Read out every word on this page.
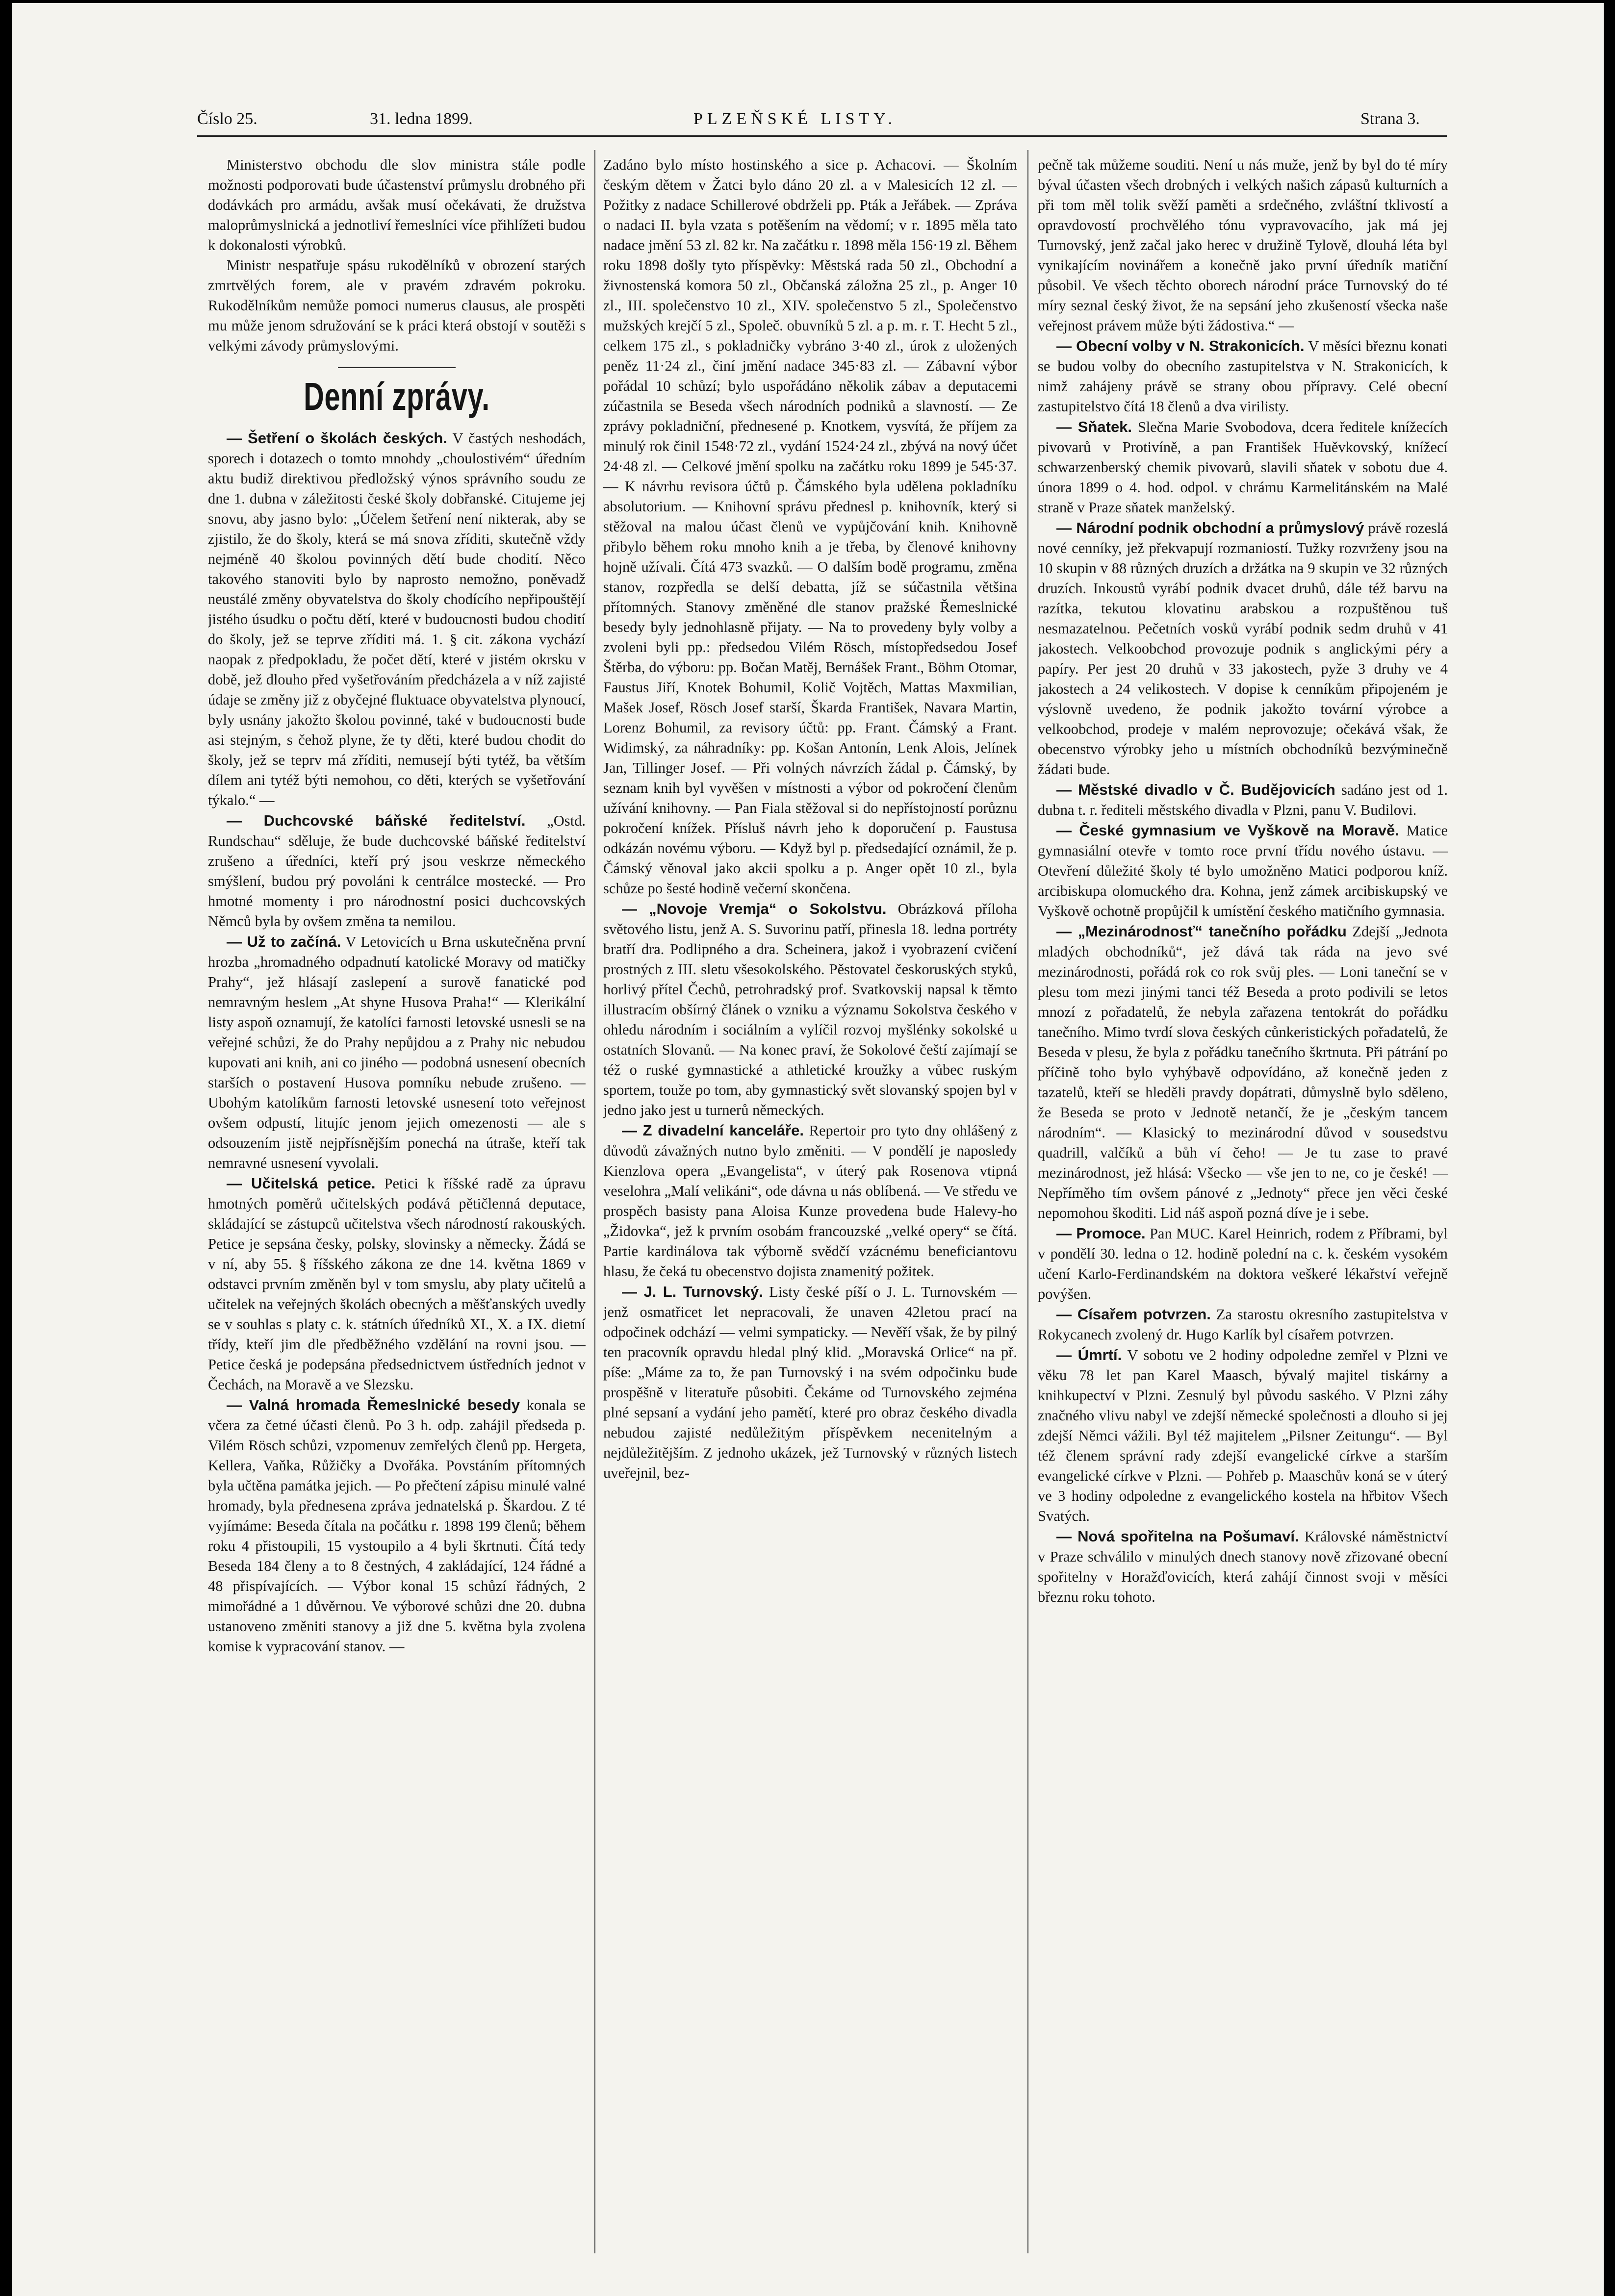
Číslo 25.	31. ledna 1899.	PLZEŇSKÉ LISTY.	Strana 3.

Ministerstvo obchodu dle slov ministra stále podle možnosti podporovati bude účastenství průmyslu drobného při dodávkách pro armádu, avšak musí očekávati, že družstva maloprůmyslnická a jednotliví řemeslníci více přihlížeti budou k dokonalosti výrobků.

Ministr nespatřuje spásu rukodělníků v obrození starých zmrtvělých forem, ale v pravém zdravém pokroku. Rukodělníkům nemůže pomoci numerus clausus, ale prospěti mu může jenom sdružování se k práci která obstojí v soutěži s velkými závody průmyslovými.

Denní zprávy.

— Šetření o školách českých. V častých neshodách, sporech i dotazech o tomto mnohdy „choulostivém“ úředním aktu budiž direktivou předložský výnos správního soudu ze dne 1. dubna v záležitosti české školy dobřanské. Citujeme jej snovu, aby jasno bylo: „Účelem šetření není nikterak, aby se zjistilo, že do školy, která se má snova zříditi, skutečně vždy nejméně 40 školou povinných dětí bude chodití. Něco takového stanoviti bylo by naprosto nemožno, poněvadž neustálé změny obyvatelstva do školy chodícího nepřipouštějí jistého úsudku o počtu dětí, které v budoucnosti budou chodití do školy, jež se teprve zříditi má. 1. § cit. zákona vychází naopak z předpokladu, že počet dětí, které v jistém okrsku v době, jež dlouho před vyšetřováním předcházela a v níž zajisté údaje se změny již z obyčejné fluktuace obyvatelstva plynoucí, byly usnány jakožto školou povinné, také v budoucnosti bude asi stejným, s čehož plyne, že ty děti, které budou chodit do školy, jež se teprv má zříditi, nemusejí býti tytéž, ba větším dílem ani tytéž býti nemohou, co děti, kterých se vyšetřování týkalo.“ —

— Duchcovské báňské ředitelství. „Ostd. Rundschau“ sděluje, že bude duchcovské báňské ředitelství zrušeno a úředníci, kteří prý jsou veskrze německého smýšlení, budou prý povoláni k centrálce mostecké. — Pro hmotné momenty i pro národnostní posici duchcovských Němců byla by ovšem změna ta nemilou.

— Už to začíná. V Letovicích u Brna uskutečněna první hrozba „hromadného odpadnutí katolické Moravy od matičky Prahy“, jež hlásají zaslepení a surově fanatické pod nemravným heslem „At shyne Husova Praha!“ — Klerikální listy aspoň oznamují, že katolíci farnosti letovské usnesli se na veřejné schůzi, že do Prahy nepůjdou a z Prahy nic nebudou kupovati ani knih, ani co jiného — podobná usnesení obecních starších o postavení Husova pomníku nebude zrušeno. — Ubohým katolíkům farnosti letovské usnesení toto veřejnost ovšem odpustí, litujíc jenom jejich omezenosti — ale s odsouzením jistě nejpřísnějším ponechá na útraše, kteří tak nemravné usnesení vyvolali.

— Učitelská petice. Petici k říšské radě za úpravu hmotných poměrů učitelských podává pětičlenná deputace, skládající se zástupců učitelstva všech národností rakouských. Petice je sepsána česky, polsky, slovinsky a německy. Žádá se v ní, aby 55. § říšského zákona ze dne 14. května 1869 v odstavci prvním změněn byl v tom smyslu, aby platy učitelů a učitelek na veřejných školách obecných a měšťanských uvedly se v souhlas s platy c. k. státních úředníků XI., X. a IX. dietní třídy, kteří jim dle předběžného vzdělání na rovni jsou. — Petice česká je podepsána předsednictvem ústředních jednot v Čechách, na Moravě a ve Slezsku.

— Valná hromada Řemeslnické besedy konala se včera za četné účasti členů. Po 3 h. odp. zahájil předseda p. Vilém Rösch schůzi, vzpomenuv zemřelých členů pp. Hergeta, Kellera, Vaňka, Růžičky a Dvořáka. Povstáním přítomných byla učtěna památka jejich. — Po přečtení zápisu minulé valné hromady, byla přednesena zpráva jednatelská p. Škardou. Z té vyjímáme: Beseda čítala na počátku r. 1898 199 členů; během roku 4 přistoupili, 15 vystoupilo a 4 byli škrtnuti. Čítá tedy Beseda 184 členy a to 8 čestných, 4 zakládající, 124 řádné a 48 přispívajících. — Výbor konal 15 schůzí řádných, 2 mimořádné a 1 důvěrnou. Ve výborové schůzi dne 20. dubna ustanoveno změniti stanovy a již dne 5. května byla zvolena komise k vypracování stanov. —

Zadáno bylo místo hostinského a sice p. Achacovi. — Školním českým dětem v Žatci bylo dáno 20 zl. a v Malesicích 12 zl. — Požitky z nadace Schillerové obdrželi pp. Pták a Jeřábek. — Zpráva o nadaci II. byla vzata s potěšením na vědomí; v r. 1895 měla tato nadace jmění 53 zl. 82 kr. Na začátku r. 1898 měla 156·19 zl. Během roku 1898 došly tyto příspěvky: Městská rada 50 zl., Obchodní a živnostenská komora 50 zl., Občanská záložna 25 zl., p. Anger 10 zl., III. společenstvo 10 zl., XIV. společenstvo 5 zl., Společenstvo mužských krejčí 5 zl., Společ. obuvníků 5 zl. a p. m. r. T. Hecht 5 zl., celkem 175 zl., s pokladničky vybráno 3·40 zl., úrok z uložených peněz 11·24 zl., činí jmění nadace 345·83 zl. — Zábavní výbor pořádal 10 schůzí; bylo uspořádáno několik zábav a deputacemi zúčastnila se Beseda všech národních podniků a slavností. — Ze zprávy pokladniční, přednesené p. Knotkem, vysvítá, že příjem za minulý rok činil 1548·72 zl., vydání 1524·24 zl., zbývá na nový účet 24·48 zl. — Celkové jmění spolku na začátku roku 1899 je 545·37. — K návrhu revisora účtů p. Čámského byla udělena pokladníku absolutorium. — Knihovní správu přednesl p. knihovník, který si stěžoval na malou účast členů ve vypůjčování knih. Knihovně přibylo během roku mnoho knih a je třeba, by členové knihovny hojně užívali. Čítá 473 svazků. — O dalším bodě programu, změna stanov, rozpředla se delší debatta, jíž se súčastnila většina přítomných. Stanovy změněné dle stanov pražské Řemeslnické besedy byly jednohlasně přijaty. — Na to provedeny byly volby a zvoleni byli pp.: předsedou Vilém Rösch, místopředsedou Josef Štěrba, do výboru: pp. Bočan Matěj, Bernášek Frant., Böhm Otomar, Faustus Jiří, Knotek Bohumil, Količ Vojtěch, Mattas Maxmilian, Mašek Josef, Rösch Josef starší, Škarda František, Navara Martin, Lorenz Bohumil, za revisory účtů: pp. Frant. Čámský a Frant. Widimský, za náhradníky: pp. Košan Antonín, Lenk Alois, Jelínek Jan, Tillinger Josef. — Při volných návrzích žádal p. Čámský, by seznam knih byl vyvěšen v místnosti a výbor od pokročení členům užívání knihovny. — Pan Fiala stěžoval si do nepřístojností porůznu pokročení knížek. Přísluš návrh jeho k doporučení p. Faustusa odkázán novému výboru. — Když byl p. předsedající oznámil, že p. Čámský věnoval jako akcii spolku a p. Anger opět 10 zl., byla schůze po šesté hodině večerní skončena.

— „Novoje Vremja“ o Sokolstvu. Obrázková příloha světového listu, jenž A. S. Suvorinu patří, přinesla 18. ledna portréty bratří dra. Podlipného a dra. Scheinera, jakož i vyobrazení cvičení prostných z III. sletu všesokolského. Pěstovatel českoruských styků, horlivý přítel Čechů, petrohradský prof. Svatkovskij napsal k těmto illustracím obšírný článek o vzniku a významu Sokolstva českého v ohledu národním i sociálním a vylíčil rozvoj myšlénky sokolské u ostatních Slovanů. — Na konec praví, že Sokolové čeští zajímají se též o ruské gymnastické a athletické kroužky a vůbec ruským sportem, touže po tom, aby gymnastický svět slovanský spojen byl v jedno jako jest u turnerů německých.

— Z divadelní kanceláře. Repertoir pro tyto dny ohlášený z důvodů závažných nutno bylo změniti. — V pondělí je naposledy Kienzlova opera „Evangelista“, v úterý pak Rosenova vtipná veselohra „Malí velikáni“, ode dávna u nás oblíbená. — Ve středu ve prospěch basisty pana Aloisa Kunze provedena bude Halevy-ho „Židovka“, jež k prvním osobám francouzské „velké opery“ se čítá. Partie kardinálova tak výborně svědčí vzácnému beneficiantovu hlasu, že čeká tu obecenstvo dojista znamenitý požitek.

— J. L. Turnovský. Listy české píší o J. L. Turnovském — jenž osmatřicet let nepracovali, že unaven 42letou prací na odpočinek odchází — velmi sympaticky. — Nevěří však, že by pilný ten pracovník opravdu hledal plný klid. „Moravská Orlice“ na př. píše: „Máme za to, že pan Turnovský i na svém odpočinku bude prospěšně v literatuře působiti. Čekáme od Turnovského zejména plné sepsaní a vydání jeho pamětí, které pro obraz českého divadla nebudou zajisté nedůležitým příspěvkem necenitelným a nejdůležitějším. Z jednoho ukázek, jež Turnovský v různých listech uveřejnil, bez-

pečně tak můžeme souditi. Není u nás muže, jenž by byl do té míry býval účasten všech drobných i velkých našich zápasů kulturních a při tom měl tolik svěží paměti a srdečného, zvláštní tklivostí a opravdovostí prochvělého tónu vypravovacího, jak má jej Turnovský, jenž začal jako herec v družině Tylově, dlouhá léta byl vynikajícím novinářem a konečně jako první úředník matiční působil. Ve všech těchto oborech národní práce Turnovský do té míry seznal český život, že na sepsání jeho zkušeností všecka naše veřejnost právem může býti žádostiva.“ —

— Obecní volby v N. Strakonicích. V měsíci březnu konati se budou volby do obecního zastupitelstva v N. Strakonicích, k nimž zahájeny právě se strany obou přípravy. Celé obecní zastupitelstvo čítá 18 členů a dva virilisty.

— Sňatek. Slečna Marie Svobodova, dcera ředitele knížecích pivovarů v Protivíně, a pan František Huěvkovský, knížecí schwarzenberský chemik pivovarů, slavili sňatek v sobotu due 4. února 1899 o 4. hod. odpol. v chrámu Karmelitánském na Malé straně v Praze sňatek manželský.

— Národní podnik obchodní a průmyslový právě rozeslá nové cenníky, jež překvapují rozmaniostí. Tužky rozvrženy jsou na 10 skupin v 88 různých druzích a držátka na 9 skupin ve 32 různých druzích. Inkoustů vyrábí podnik dvacet druhů, dále též barvu na razítka, tekutou klovatinu arabskou a rozpuštěnou tuš nesmazatelnou. Pečetních vosků vyrábí podnik sedm druhů v 41 jakostech. Velkoobchod provozuje podnik s anglickými péry a papíry. Per jest 20 druhů v 33 jakostech, pyže 3 druhy ve 4 jakostech a 24 velikostech. V dopise k cenníkům připojeném je výslovně uvedeno, že podnik jakožto tovární výrobce a velkoobchod, prodeje v malém neprovozuje; očekává však, že obecenstvo výrobky jeho u místních obchodníků bezvýminečně žádati bude.

— Městské divadlo v Č. Budějovicích sadáno jest od 1. dubna t. r. řediteli městského divadla v Plzni, panu V. Budilovi.

— České gymnasium ve Vyškově na Moravě. Matice gymnasiální otevře v tomto roce první třídu nového ústavu. — Otevření důležité školy té bylo umožněno Matici podporou kníž. arcibiskupa olomuckého dra. Kohna, jenž zámek arcibiskupský ve Vyškově ochotně propůjčil k umístění českého matičního gymnasia.

— „Mezinárodnosť“ tanečního pořádku Zdejší „Jednota mladých obchodníků“, jež dává tak ráda na jevo své mezinárodnosti, pořádá rok co rok svůj ples. — Loni taneční se v plesu tom mezi jinými tanci též Beseda a proto podivili se letos mnozí z pořadatelů, že nebyla zařazena tentokrát do pořádku tanečního. Mimo tvrdí slova českých cůnkeristických pořadatelů, že Beseda v plesu, že byla z pořádku tanečního škrtnuta. Při pátrání po příčině toho bylo vyhýbavě odpovídáno, až konečně jeden z tazatelů, kteří se hleděli pravdy dopátrati, důmyslně bylo sděleno, že Beseda se proto v Jednotě netančí, že je „českým tancem národním“. — Klasický to mezinárodní důvod v sousedstvu quadrill, valčíků a bůh ví čeho! — Je tu zase to pravé mezinárodnost, jež hlásá: Všecko — vše jen to ne, co je české! — Nepříměho tím ovšem pánové z „Jednoty“ přece jen věci české nepomohou škoditi. Lid náš aspoň pozná díve je i sebe.

— Promoce. Pan MUC. Karel Heinrich, rodem z Příbrami, byl v pondělí 30. ledna o 12. hodině polední na c. k. českém vysokém učení Karlo-Ferdinandském na doktora veškeré lékařství veřejně povýšen.

— Císařem potvrzen. Za starostu okresního zastupitelstva v Rokycanech zvolený dr. Hugo Karlík byl císařem potvrzen.

— Úmrtí. V sobotu ve 2 hodiny odpoledne zemřel v Plzni ve věku 78 let pan Karel Maasch, bývalý majitel tiskárny a knihkupectví v Plzni. Zesnulý byl původu saského. V Plzni záhy značného vlivu nabyl ve zdejší německé společnosti a dlouho si jej zdejší Němci vážili. Byl též majitelem „Pilsner Zeitungu“. — Byl též členem správní rady zdejší evangelické církve a starším evangelické církve v Plzni. — Pohřeb p. Maaschův koná se v úterý ve 3 hodiny odpoledne z evangelického kostela na hřbitov Všech Svatých.

— Nová spořitelna na Pošumaví. Královské náměstnictví v Praze schválilo v minulých dnech stanovy nově zřizované obecní spořitelny v Horažďovicích, která zahájí činnost svoji v měsíci březnu roku tohoto.
